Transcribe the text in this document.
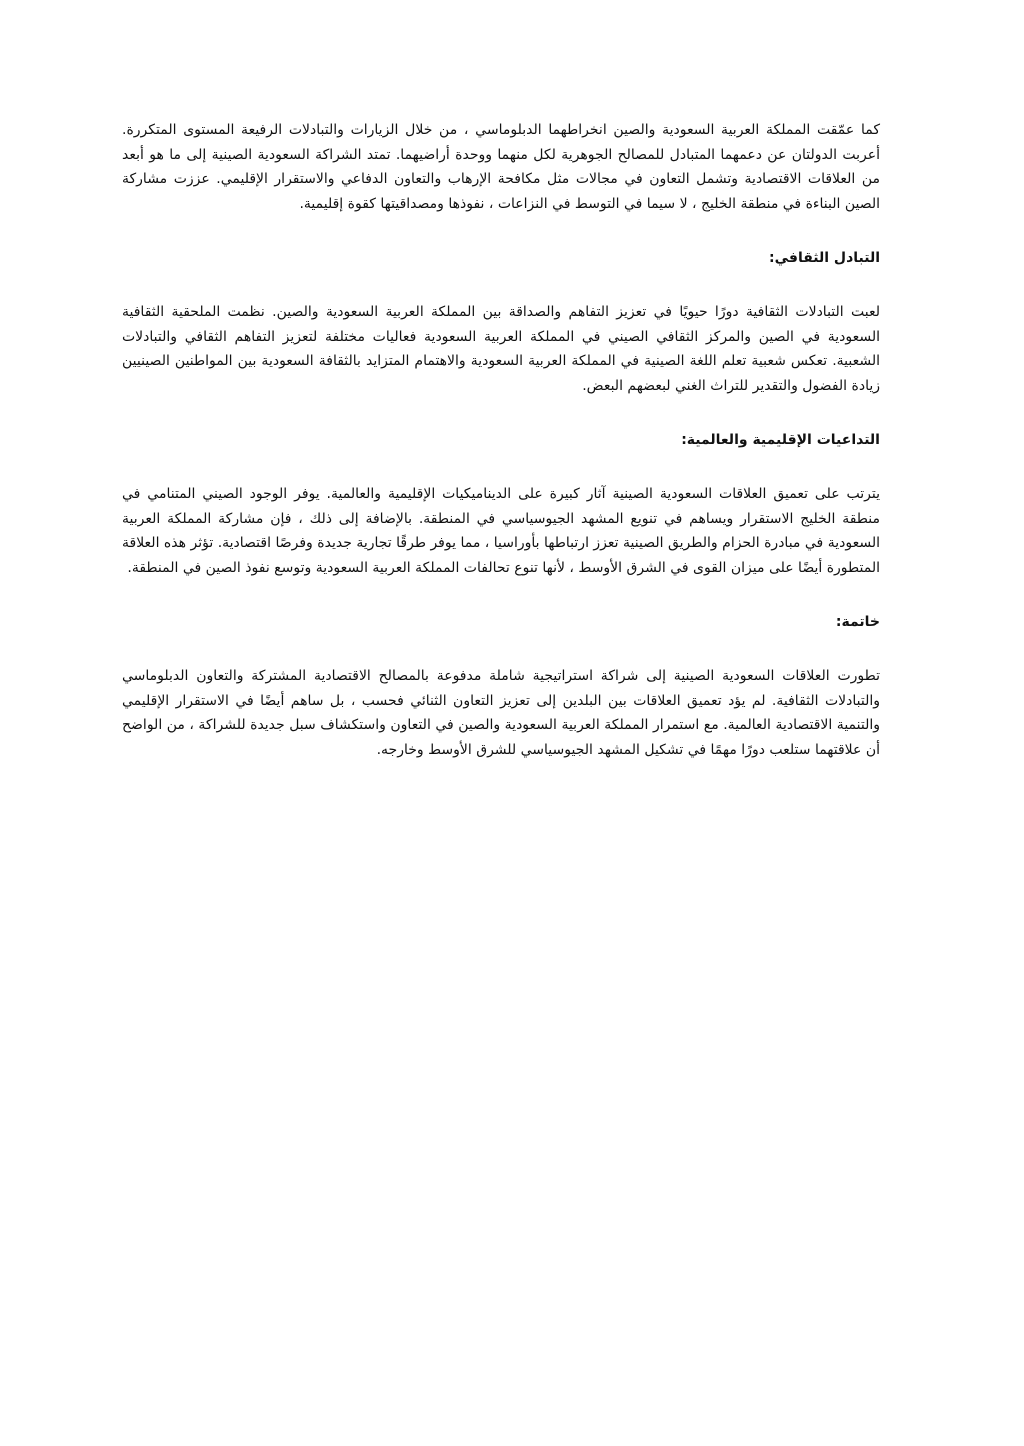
كما عمّقت المملكة العربية السعودية والصين انخراطهما الدبلوماسي ، من خلال الزيارات والتبادلات الرفيعة المستوى المتكررة. أعربت الدولتان عن دعمهما المتبادل للمصالح الجوهرية لكل منهما ووحدة أراضيهما. تمتد الشراكة السعودية الصينية إلى ما هو أبعد من العلاقات الاقتصادية وتشمل التعاون في مجالات مثل مكافحة الإرهاب والتعاون الدفاعي والاستقرار الإقليمي. عززت مشاركة الصين البناءة في منطقة الخليج ، لا سيما في التوسط في النزاعات ، نفوذها ومصداقيتها كقوة إقليمية.

التبادل الثقافي:

لعبت التبادلات الثقافية دورًا حيويًا في تعزيز التفاهم والصداقة بين المملكة العربية السعودية والصين. نظمت الملحقية الثقافية السعودية في الصين والمركز الثقافي الصيني في المملكة العربية السعودية فعاليات مختلفة لتعزيز التفاهم الثقافي والتبادلات الشعبية. تعكس شعبية تعلم اللغة الصينية في المملكة العربية السعودية والاهتمام المتزايد بالثقافة السعودية بين المواطنين الصينيين زيادة الفضول والتقدير للتراث الغني لبعضهم البعض.

التداعيات الإقليمية والعالمية:

يترتب على تعميق العلاقات السعودية الصينية آثار كبيرة على الديناميكيات الإقليمية والعالمية. يوفر الوجود الصيني المتنامي في منطقة الخليج الاستقرار ويساهم في تنويع المشهد الجيوسياسي في المنطقة. بالإضافة إلى ذلك ، فإن مشاركة المملكة العربية السعودية في مبادرة الحزام والطريق الصينية تعزز ارتباطها بأوراسيا ، مما يوفر طرقًا تجارية جديدة وفرصًا اقتصادية. تؤثر هذه العلاقة المتطورة أيضًا على ميزان القوى في الشرق الأوسط ، لأنها تنوع تحالفات المملكة العربية السعودية وتوسع نفوذ الصين في المنطقة.

خاتمة:

تطورت العلاقات السعودية الصينية إلى شراكة استراتيجية شاملة مدفوعة بالمصالح الاقتصادية المشتركة والتعاون الدبلوماسي والتبادلات الثقافية. لم يؤد تعميق العلاقات بين البلدين إلى تعزيز التعاون الثنائي فحسب ، بل ساهم أيضًا في الاستقرار الإقليمي والتنمية الاقتصادية العالمية. مع استمرار المملكة العربية السعودية والصين في التعاون واستكشاف سبل جديدة للشراكة ، من الواضح أن علاقتهما ستلعب دورًا مهمًا في تشكيل المشهد الجيوسياسي للشرق الأوسط وخارجه.
